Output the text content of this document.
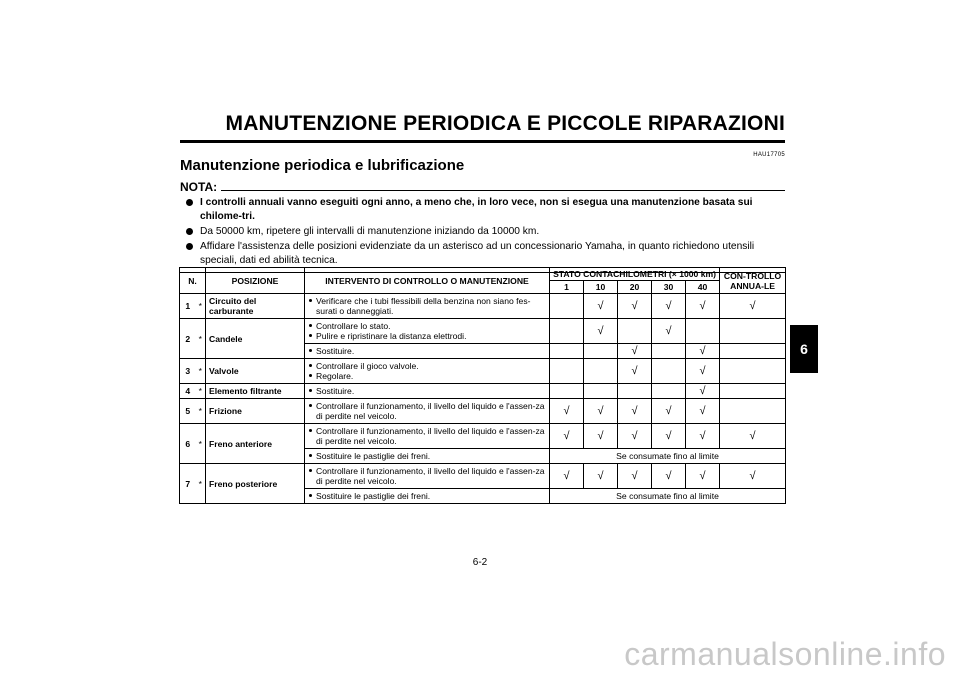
MANUTENZIONE PERIODICA E PICCOLE RIPARAZIONI
HAU17705
Manutenzione periodica e lubrificazione
NOTA:
I controlli annuali vanno eseguiti ogni anno, a meno che, in loro vece, non si esegua una manutenzione basata sui chilome-tri.
Da 50000 km, ripetere gli intervalli di manutenzione iniziando da 10000 km.
Affidare l'assistenza delle posizioni evidenziate da un asterisco ad un concessionario Yamaha, in quanto richiedono utensili speciali, dati ed abilità tecnica.
6
N.		POSIZIONE	INTERVENTO DI CONTROLLO O MANUTENZIONE	STATO CONTACHILOMETRI (× 1000 km)					CON-TROLLO ANNUA-LE
				1	10	20	30	40	
1	*	Circuito del carburante	Verificare che i tubi flessibili della benzina non siano fes-surati o danneggiati.		√	√	√	√	√
2	*	Candele	Controllare lo stato.
Pulire e ripristinare la distanza elettrodi.		√		√		

Sostituire.			√		√	
3	*	Valvole	Controllare il gioco valvole.
Regolare.			√		√	
4	*	Elemento filtrante	Sostituire.					√	
5	*	Frizione	Controllare il funzionamento, il livello del liquido e l'assen-za di perdite nel veicolo.	√	√	√	√	√	
6	*	Freno anteriore	Controllare il funzionamento, il livello del liquido e l'assen-za di perdite nel veicolo.	√	√	√	√	√	√

Sostituire le pastiglie dei freni.	Se consumate fino al limite					
7	*	Freno posteriore	Controllare il funzionamento, il livello del liquido e l'assen-za di perdite nel veicolo.	√	√	√	√	√	√

Sostituire le pastiglie dei freni.	Se consumate fino al limite					
6-2
carmanualsonline.info
